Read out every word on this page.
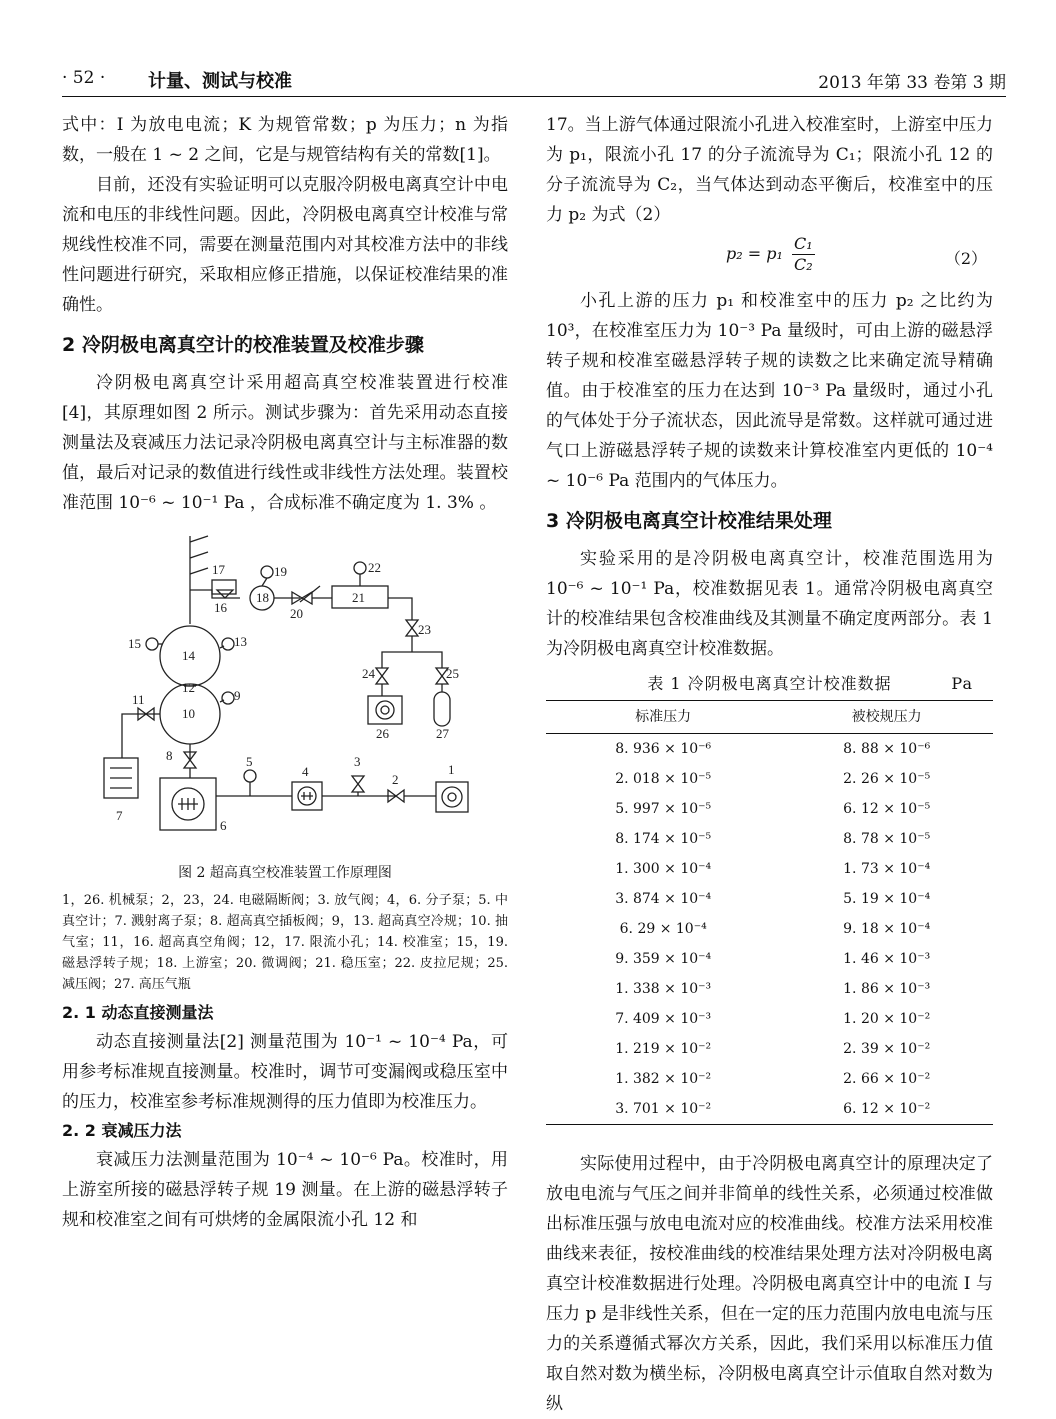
· 52 · 计量、测试与校准	2013 年第 33 卷第 3 期

式中：I 为放电电流；K 为规管常数；p 为压力；n 为指数，一般在 1 ~ 2 之间，它是与规管结构有关的常数[1]。

目前，还没有实验证明可以克服冷阴极电离真空计中电流和电压的非线性问题。因此，冷阴极电离真空计校准与常规线性校准不同，需要在测量范围内对其校准方法中的非线性问题进行研究，采取相应修正措施，以保证校准结果的准确性。

2 冷阴极电离真空计的校准装置及校准步骤

冷阴极电离真空计采用超高真空校准装置进行校准[4]，其原理如图 2 所示。测试步骤为：首先采用动态直接测量法及衰减压力法记录冷阴极电离真空计与主标准器的数值，最后对记录的数值进行线性或非线性方法处理。装置校准范围 10⁻⁶ ~ 10⁻¹ Pa ，合成标准不确定度为 1. 3% 。

17
16
18
19
20
21
22
23
24	25
26	27
15
14
13
12
10
9
11
8
7
6
5
4
3
2
1

图 2 超高真空校准装置工作原理图

1，26. 机械泵；2，23，24. 电磁隔断阀；3. 放气阀；4，6. 分子泵；5. 中真空计；7. 溅射离子泵；8. 超高真空插板阀；9，13. 超高真空冷规；10. 抽气室；11，16. 超高真空角阀；12，17. 限流小孔；14. 校准室；15，19. 磁悬浮转子规；18. 上游室；20. 微调阀；21. 稳压室；22. 皮拉尼规；25. 减压阀；27. 高压气瓶

2. 1 动态直接测量法

动态直接测量法[2] 测量范围为 10⁻¹ ~ 10⁻⁴ Pa，可用参考标准规直接测量。校准时，调节可变漏阀或稳压室中的压力，校准室参考标准规测得的压力值即为校准压力。

2. 2 衰减压力法

衰减压力法测量范围为 10⁻⁴ ~ 10⁻⁶ Pa。校准时，用上游室所接的磁悬浮转子规 19 测量。在上游的磁悬浮转子规和校准室之间有可烘烤的金属限流小孔 12 和

17。当上游气体通过限流小孔进入校准室时，上游室中压力为 p₁，限流小孔 17 的分子流流导为 C₁；限流小孔 12 的分子流流导为 C₂，当气体达到动态平衡后，校准室中的压力 p₂ 为式（2）

$p_2 = p_1 \frac{\text{C₁}}{\text{C₂}}$	（2）

小孔上游的压力 p₁ 和校准室中的压力 p₂ 之比约为 10³，在校准室压力为 10⁻³ Pa 量级时，可由上游的磁悬浮转子规和校准室磁悬浮转子规的读数之比来确定流导精确值。由于校准室的压力在达到 10⁻³ Pa 量级时，通过小孔的气体处于分子流状态，因此流导是常数。这样就可通过进气口上游磁悬浮转子规的读数来计算校准室内更低的 10⁻⁴ ~ 10⁻⁶ Pa 范围内的气体压力。

3 冷阴极电离真空计校准结果处理

实验采用的是冷阴极电离真空计，校准范围选用为 10⁻⁶ ~ 10⁻¹ Pa，校准数据见表 1。通常冷阴极电离真空计的校准结果包含校准曲线及其测量不确定度两部分。表 1 为冷阴极电离真空计校准数据。

表 1 冷阴极电离真空计校准数据	Pa
标准压力	被校规压力
8. 936 × 10⁻⁶	8. 88 × 10⁻⁶
2. 018 × 10⁻⁵	2. 26 × 10⁻⁵
5. 997 × 10⁻⁵	6. 12 × 10⁻⁵
8. 174 × 10⁻⁵	8. 78 × 10⁻⁵
1. 300 × 10⁻⁴	1. 73 × 10⁻⁴
3. 874 × 10⁻⁴	5. 19 × 10⁻⁴
6. 29 × 10⁻⁴	9. 18 × 10⁻⁴
9. 359 × 10⁻⁴	1. 46 × 10⁻³
1. 338 × 10⁻³	1. 86 × 10⁻³
7. 409 × 10⁻³	1. 20 × 10⁻²
1. 219 × 10⁻²	2. 39 × 10⁻²
1. 382 × 10⁻²	2. 66 × 10⁻²
3. 701 × 10⁻²	6. 12 × 10⁻²

实际使用过程中，由于冷阴极电离真空计的原理决定了放电电流与气压之间并非简单的线性关系，必须通过校准做出标准压强与放电电流对应的校准曲线。校准方法采用校准曲线来表征，按校准曲线的校准结果处理方法对冷阴极电离真空计校准数据进行处理。冷阴极电离真空计中的电流 I 与压力 p 是非线性关系，但在一定的压力范围内放电电流与压力的关系遵循式幂次方关系，因此，我们采用以标准压力值取自然对数为横坐标，冷阴极电离真空计示值取自然对数为纵
